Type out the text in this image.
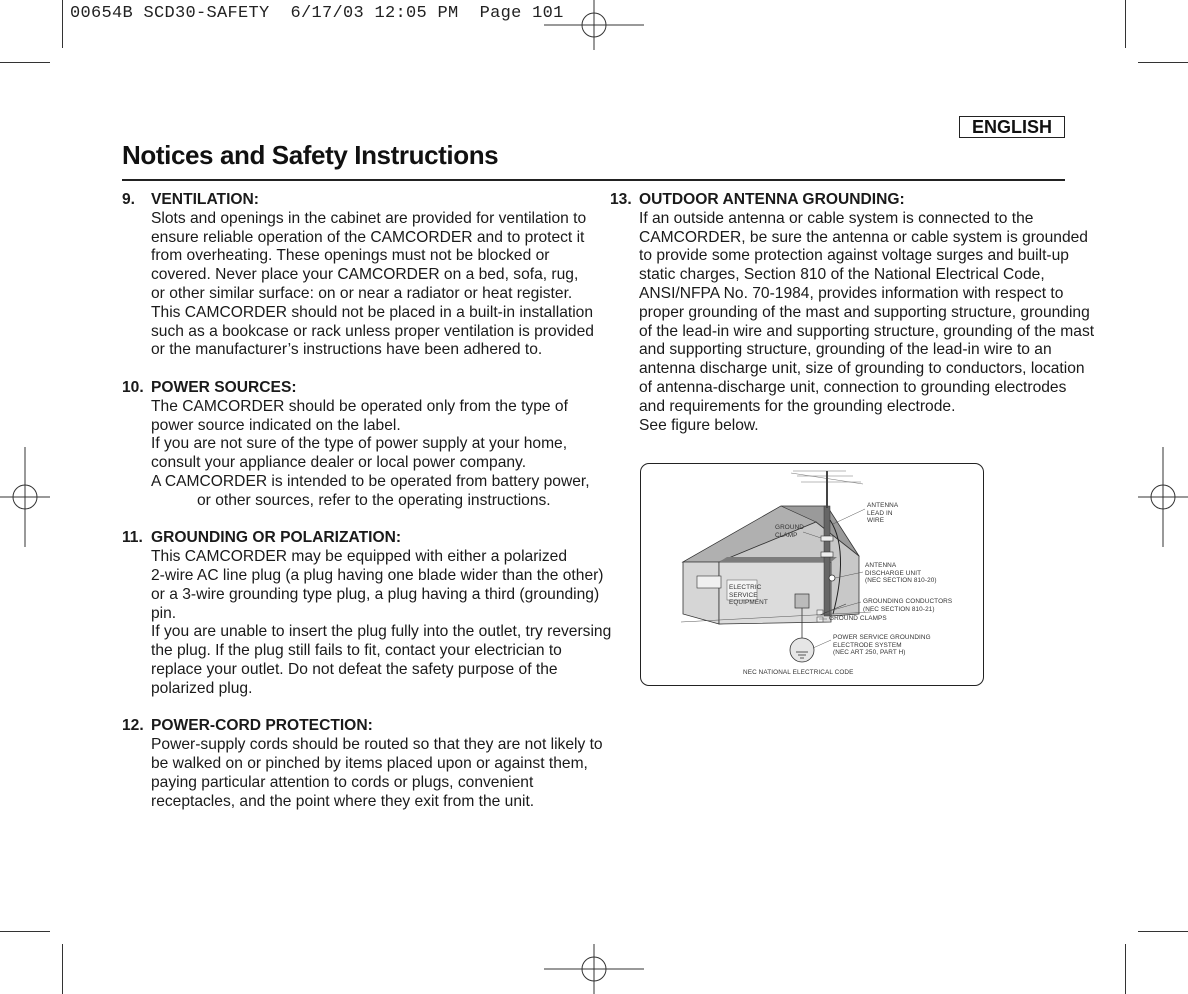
00654B SCD30-SAFETY  6/17/03 12:05 PM  Page 101
ENGLISH
Notices and Safety Instructions
9.	VENTILATION:
Slots and openings in the cabinet are provided for ventilation to
ensure reliable operation of the CAMCORDER and to protect it
from overheating. These openings must not be blocked or
covered. Never place your CAMCORDER on a bed, sofa, rug,
or other similar surface: on or near a radiator or heat register.
This CAMCORDER should not be placed in a built-in installation
such as a bookcase or rack unless proper ventilation is provided
or the manufacturer’s instructions have been adhered to.
10. POWER SOURCES:
The CAMCORDER should be operated only from the type of
power source indicated on the label.
If you are not sure of the type of power supply at your home,
consult your appliance dealer or local power company.
A CAMCORDER is intended to be operated from battery power,
or other sources, refer to the operating instructions.
11. GROUNDING OR POLARIZATION:
This CAMCORDER may be equipped with either a polarized
2-wire AC line plug (a plug having one blade wider than the other)
or a 3-wire grounding type plug, a plug having a third (grounding)
pin.
If you are unable to insert the plug fully into the outlet, try reversing
the plug. If the plug still fails to fit, contact your electrician to
replace your outlet. Do not defeat the safety purpose of the
polarized plug.
12. POWER-CORD PROTECTION:
Power-supply cords should be routed so that they are not likely to
be walked on or pinched by items placed upon or against them,
paying particular attention to cords or plugs, convenient
receptacles, and the point where they exit from the unit.
13. OUTDOOR ANTENNA GROUNDING:
If an outside antenna or cable system is connected to the
CAMCORDER, be sure the antenna or cable system is grounded
to provide some protection against voltage surges and built-up
static charges, Section 810 of the National Electrical Code,
ANSI/NFPA No. 70-1984, provides information with respect to
proper grounding of the mast and supporting structure, grounding
of the lead-in wire and supporting structure, grounding of the mast
and supporting structure, grounding of the lead-in wire to an
antenna discharge unit, size of grounding to conductors, location
of antenna-discharge unit, connection to grounding electrodes
and requirements for the grounding electrode.
See figure below.
ANTENNA
LEAD IN
WIRE
GROUND
CLAMP
ANTENNA
DISCHARGE UNIT
(NEC SECTION 810-20)
ELECTRIC
SERVICE
EQUIPMENT	GROUNDING CONDUCTORS
(NEC SECTION 810-21)
GROUND CLAMPS
POWER SERVICE GROUNDING
ELECTRODE SYSTEM
(NEC ART 250, PART H)
NEC NATIONAL ELECTRICAL CODE
